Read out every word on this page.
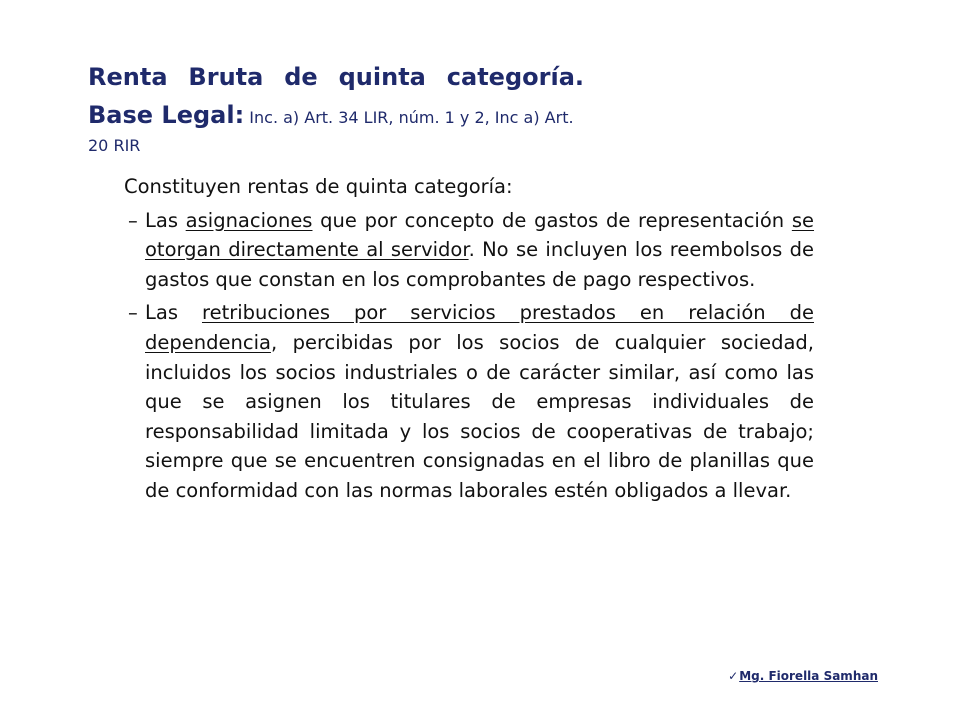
Renta Bruta de quinta categoría.
Base Legal: Inc. a) Art. 34 LIR, núm. 1 y 2, Inc a) Art. 20 RIR

Constituyen rentas de quinta categoría:

– Las asignaciones que por concepto de gastos de representación se otorgan directamente al servidor. No se incluyen los reembolsos de gastos que constan en los comprobantes de pago respectivos.

– Las retribuciones por servicios prestados en relación de dependencia, percibidas por los socios de cualquier sociedad, incluidos los socios industriales o de carácter similar, así como las que se asignen los titulares de empresas individuales de responsabilidad limitada y los socios de cooperativas de trabajo; siempre que se encuentren consignadas en el libro de planillas que de conformidad con las normas laborales estén obligados a llevar.

✓Mg. Fiorella Samhan
